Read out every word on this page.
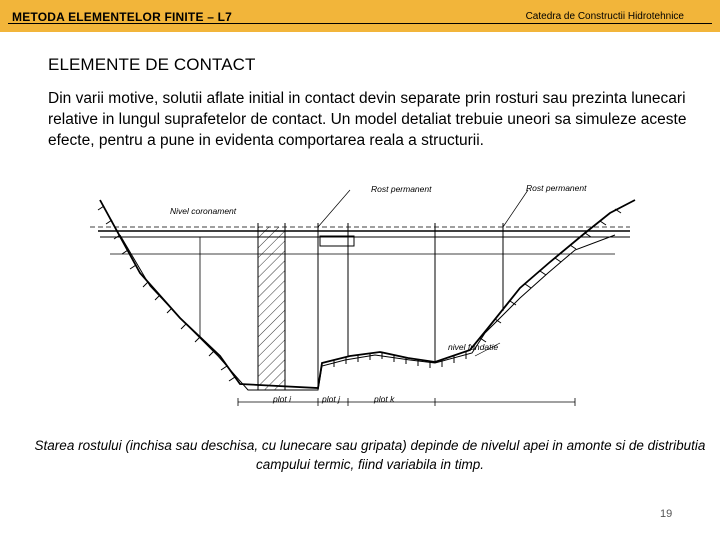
METODA ELEMENTELOR FINITE – L7	Catedra de Constructii Hidrotehnice
ELEMENTE DE CONTACT
Din varii motive, solutii aflate initial in contact devin separate prin rosturi sau prezinta lunecari relative in lungul suprafetelor de contact. Un model detaliat trebuie uneori sa simuleze aceste efecte, pentru a pune in evidenta comportarea reala a structurii.
Rost permanent	Rost permanent
Nivel coronament
nivel fundatie
plot i	plot j	plot k
Starea rostului (inchisa sau deschisa, cu lunecare sau gripata) depinde de nivelul apei in amonte si de distributia campului termic, fiind variabila in timp.
19
